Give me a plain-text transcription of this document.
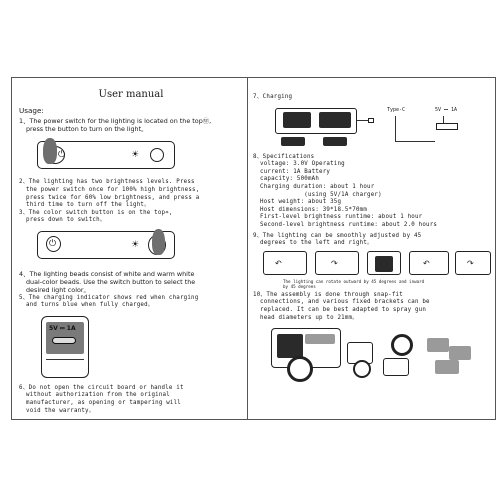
User manual
Usage:
1、The power switch for the lighting is located on the topⓌ,
press the button to turn on the light。
⏻	☀
2、The lighting has two brightness levels. Press
the power switch once for 100% high brightness,
press twice for 60% low brightness, and press a
third time to turn off the light。
3、The color switch button is on the top☂,
press down to switch。
⏻	☀
4、The lighting beads consist of white and warm white
dual-color beads. Use the switch button to select the
desired light color。
5、The charging indicator shows red when charging
and turns blue when fully charged。
5V ⎓ 1A
6、Do not open the circuit board or handle it
without authorization from the original
manufacturer, as opening or tampering will
void the warranty。
7、Charging
Type-C	5V ⎓ 1A
8、Specifications
voltage: 3.0V Operating
current: 1A Battery
capacity: 500mAh
Charging duration: about 1 hour
(using 5V/1A charger)
Host weight: about 35g
Host dimensions: 39*18.5*70mm
First-level brightness runtime: about 1 hour
Second-level brightness runtime: about 2.0 hours
9、The lighting can be smoothly adjusted by 45
degrees to the left and right。
↶	↷	↶	↷
The lighting can rotate outward by 45 degrees and inward
by 45 degrees
10、The assembly is done through snap-fit
connections, and various fixed brackets can be
replaced. It can be best adapted to spray gun
head diameters up to 21mm。
